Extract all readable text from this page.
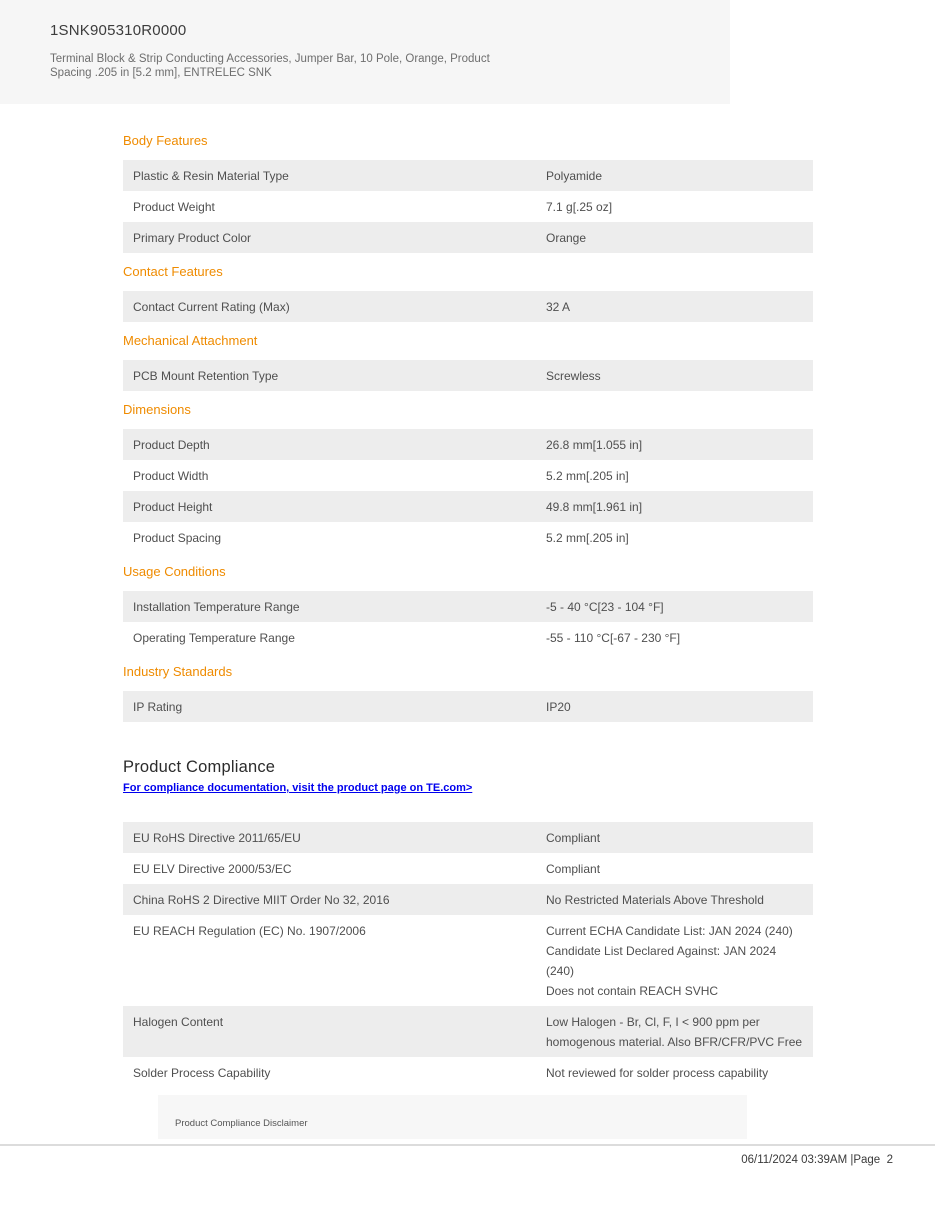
1SNK905310R0000
Terminal Block & Strip Conducting Accessories, Jumper Bar, 10 Pole, Orange, Product Spacing .205 in [5.2 mm], ENTRELEC SNK
Body Features
Plastic & Resin Material Type	Polyamide
Product Weight	7.1 g[.25 oz]
Primary Product Color	Orange
Contact Features
Contact Current Rating (Max)	32 A
Mechanical Attachment
PCB Mount Retention Type	Screwless
Dimensions
Product Depth	26.8 mm[1.055 in]
Product Width	5.2 mm[.205 in]
Product Height	49.8 mm[1.961 in]
Product Spacing	5.2 mm[.205 in]
Usage Conditions
Installation Temperature Range	-5 - 40 °C[23 - 104 °F]
Operating Temperature Range	-55 - 110 °C[-67 - 230 °F]
Industry Standards
IP Rating	IP20
Product Compliance
For compliance documentation, visit the product page on TE.com>
EU RoHS Directive 2011/65/EU	Compliant
EU ELV Directive 2000/53/EC	Compliant
China RoHS 2 Directive MIIT Order No 32, 2016	No Restricted Materials Above Threshold
EU REACH Regulation (EC) No. 1907/2006	Current ECHA Candidate List: JAN 2024 (240)
Candidate List Declared Against: JAN 2024 (240)
Does not contain REACH SVHC
Halogen Content	Low Halogen - Br, Cl, F, I < 900 ppm per homogenous material. Also BFR/CFR/PVC Free
Solder Process Capability	Not reviewed for solder process capability
Product Compliance Disclaimer
06/11/2024 03:39AM |Page  2
